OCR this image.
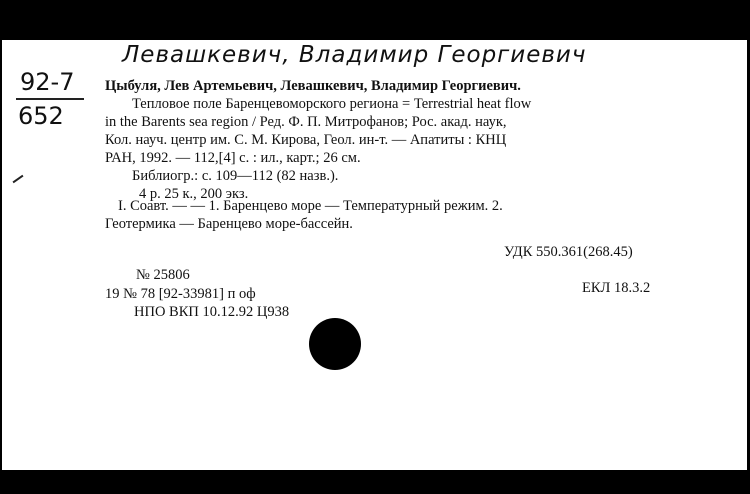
Левашкевич, Владимир Георгиевич
92-7
652
Цыбуля, Лев Артемьевич, Левашкевич, Владимир Георгиевич.
Тепловое поле Баренцевоморского региона = Terrestrial heat flow
in the Barents sea region / Ред. Ф. П. Митрофанов; Рос. акад. наук,
Кол. науч. центр им. С. М. Кирова, Геол. ин-т. — Апатиты : КНЦ
РАН, 1992. — 112,[4] с. : ил., карт.; 26 см.
Библиогр.: с. 109—112 (82 назв.).
4 р. 25 к., 200 экз.
I. Соавт. — — 1. Баренцево море — Температурный режим. 2.
Геотермика — Баренцево море-бассейн.
УДК 550.361(268.45)
№ 25806
ЕКЛ 18.3.2
19 № 78 [92-33981] п оф
НПО ВКП 10.12.92 Ц938
